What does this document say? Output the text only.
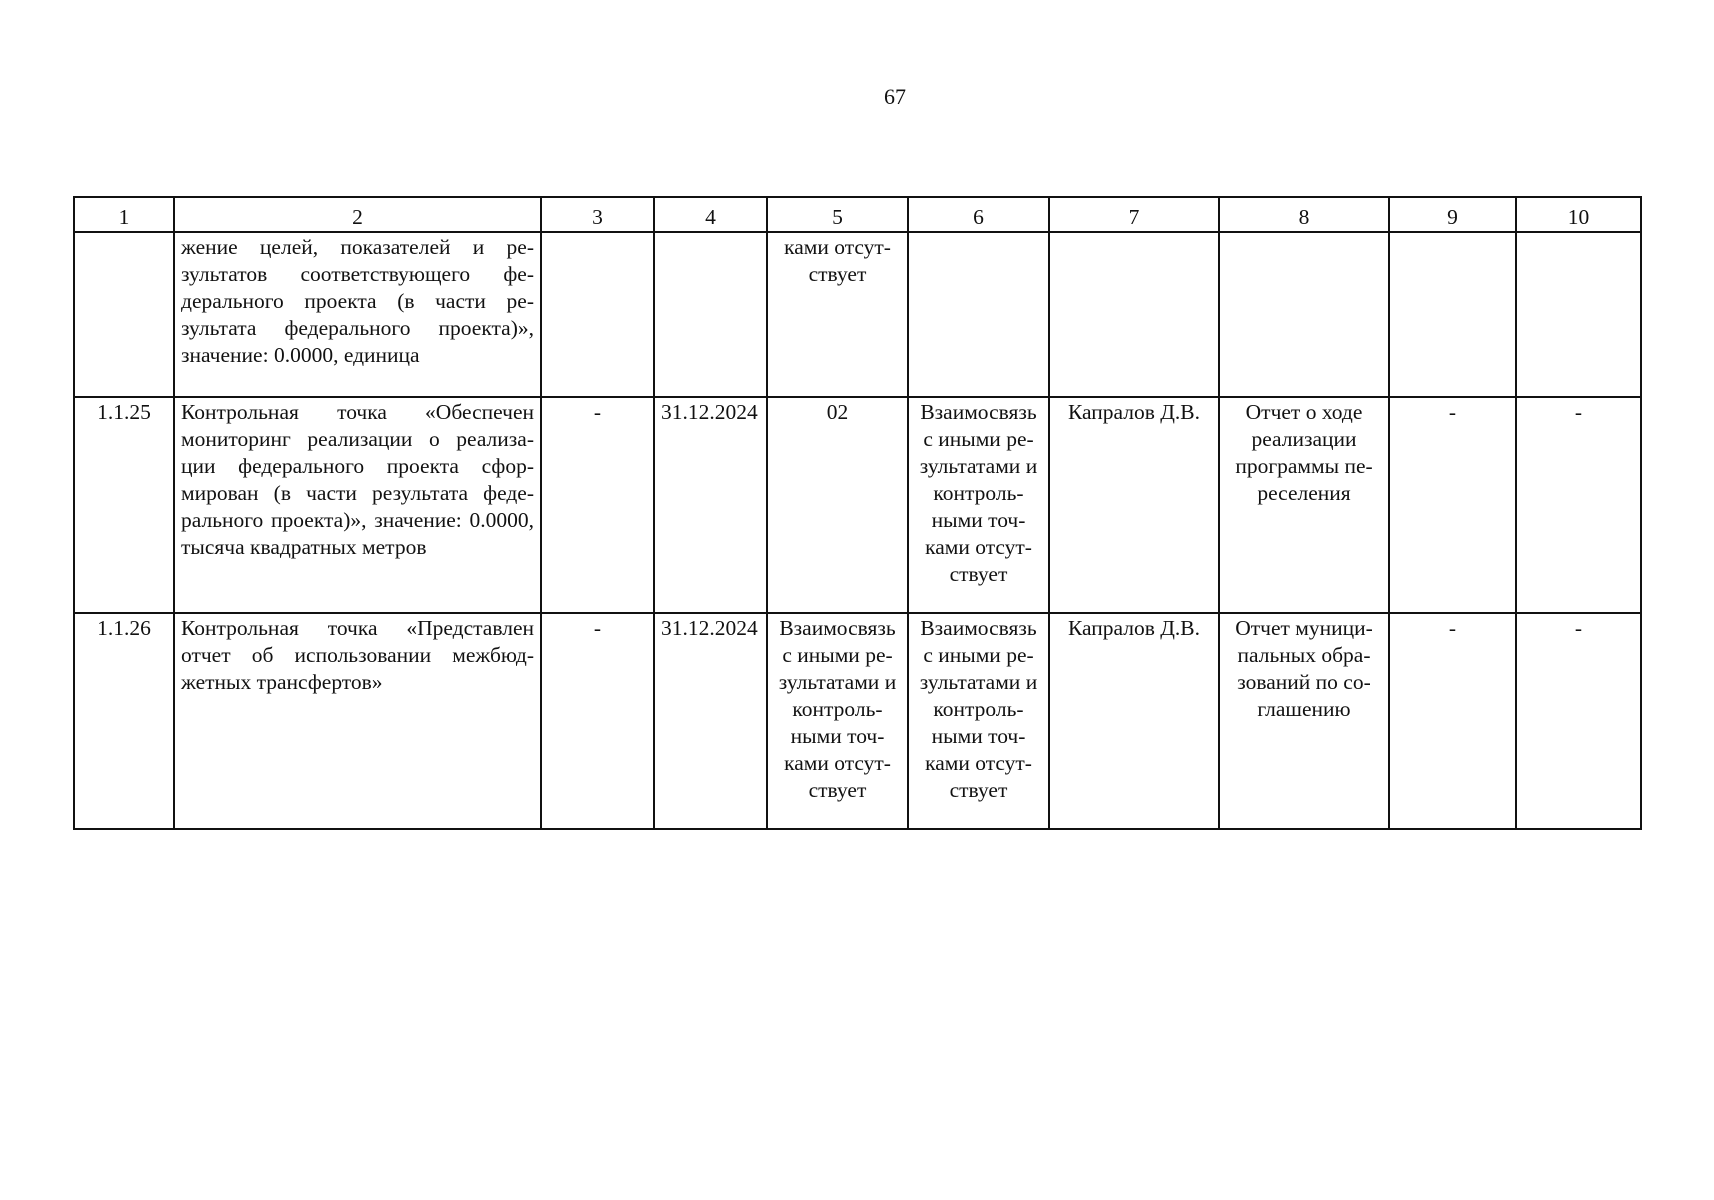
67
1	2	3	4	5	6	7	8	9	10
	жение целей, показателей и ре-зультатов соответствующего фе-дерального проекта (в части ре-зультата федерального проекта)», значение: 0.0000, единица			ками отсут-ствует					
1.1.25	Контрольная точка «Обеспечен мониторинг реализации о реализа-ции федерального проекта сфор-мирован (в части результата феде-рального проекта)», значение: 0.0000, тысяча квадратных метров	-	31.12.2024	02	Взаимосвязь с иными ре-зультатами и контроль-ными точ-ками отсут-ствует	Капралов Д.В.	Отчет о ходе реализации программы пе-реселения	-	-
1.1.26	Контрольная точка «Представлен отчет об использовании межбюд-жетных трансфертов»	-	31.12.2024	Взаимосвязь с иными ре-зультатами и контроль-ными точ-ками отсут-ствует	Взаимосвязь с иными ре-зультатами и контроль-ными точ-ками отсут-ствует	Капралов Д.В.	Отчет муници-пальных обра-зований по со-глашению	-	-
